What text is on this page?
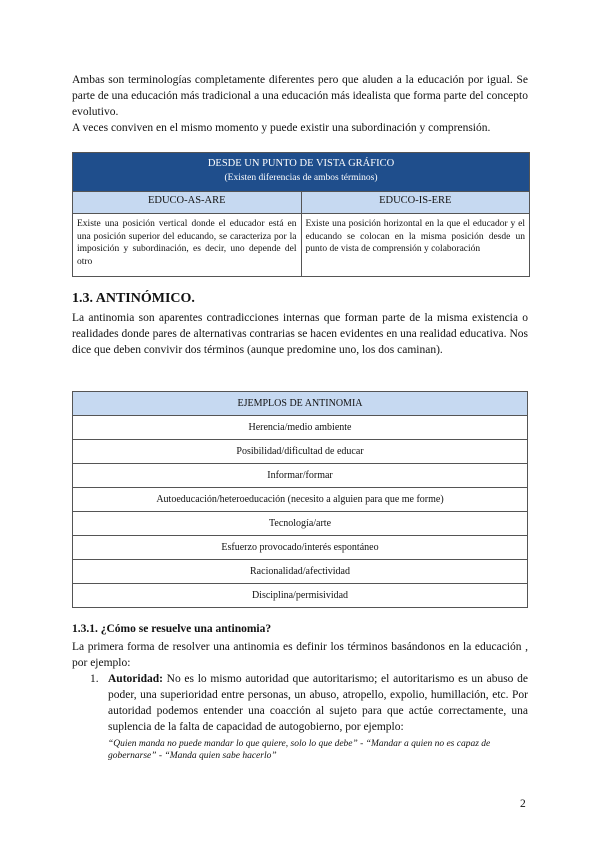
Ambas son terminologías completamente diferentes pero que aluden a la educación por igual. Se parte de una educación más tradicional a una educación más idealista que forma parte del concepto evolutivo.

A veces conviven en el mismo momento y puede existir una subordinación y comprensión.

DESDE UN PUNTO DE VISTA GRÁFICO
(Existen diferencias de ambos términos)	

EDUCO-AS-ARE	EDUCO-IS-ERE
Existe una posición vertical donde el educador está en una posición superior del educando, se caracteriza por la imposición y subordinación, es decir, uno depende del otro	Existe una posición horizontal en la que el educador y el educando se colocan en la misma posición desde un punto de vista de comprensión y colaboración
1.3. ANTINÓMICO.

La antinomia son aparentes contradicciones internas que forman parte de la misma existencia o realidades donde pares de alternativas contrarias se hacen evidentes en una realidad educativa. Nos dice que deben convivir dos términos (aunque predomine uno, los dos caminan).

EJEMPLOS DE ANTINOMIA
Herencia/medio ambiente
Posibilidad/dificultad de educar
Informar/formar
Autoeducación/heteroeducación (necesito a alguien para que me forme)
Tecnología/arte
Esfuerzo provocado/interés espontáneo
Racionalidad/afectividad
Disciplina/permisividad
1.3.1. ¿Cómo se resuelve una antinomia?

La primera forma de resolver una antinomia es definir los términos basándonos en la educación , por ejemplo:

1. Autoridad: No es lo mismo autoridad que autoritarismo; el autoritarismo es un abuso de poder, una superioridad entre personas, un abuso, atropello, expolio, humillación, etc. Por autoridad podemos entender una coacción al sujeto para que actúe correctamente, una suplencia de la falta de capacidad de autogobierno, por ejemplo:
“Quien manda no puede mandar lo que quiere, solo lo que debe” - “Mandar a quien no es capaz de gobernarse” - “Manda quien sabe hacerlo”
2
